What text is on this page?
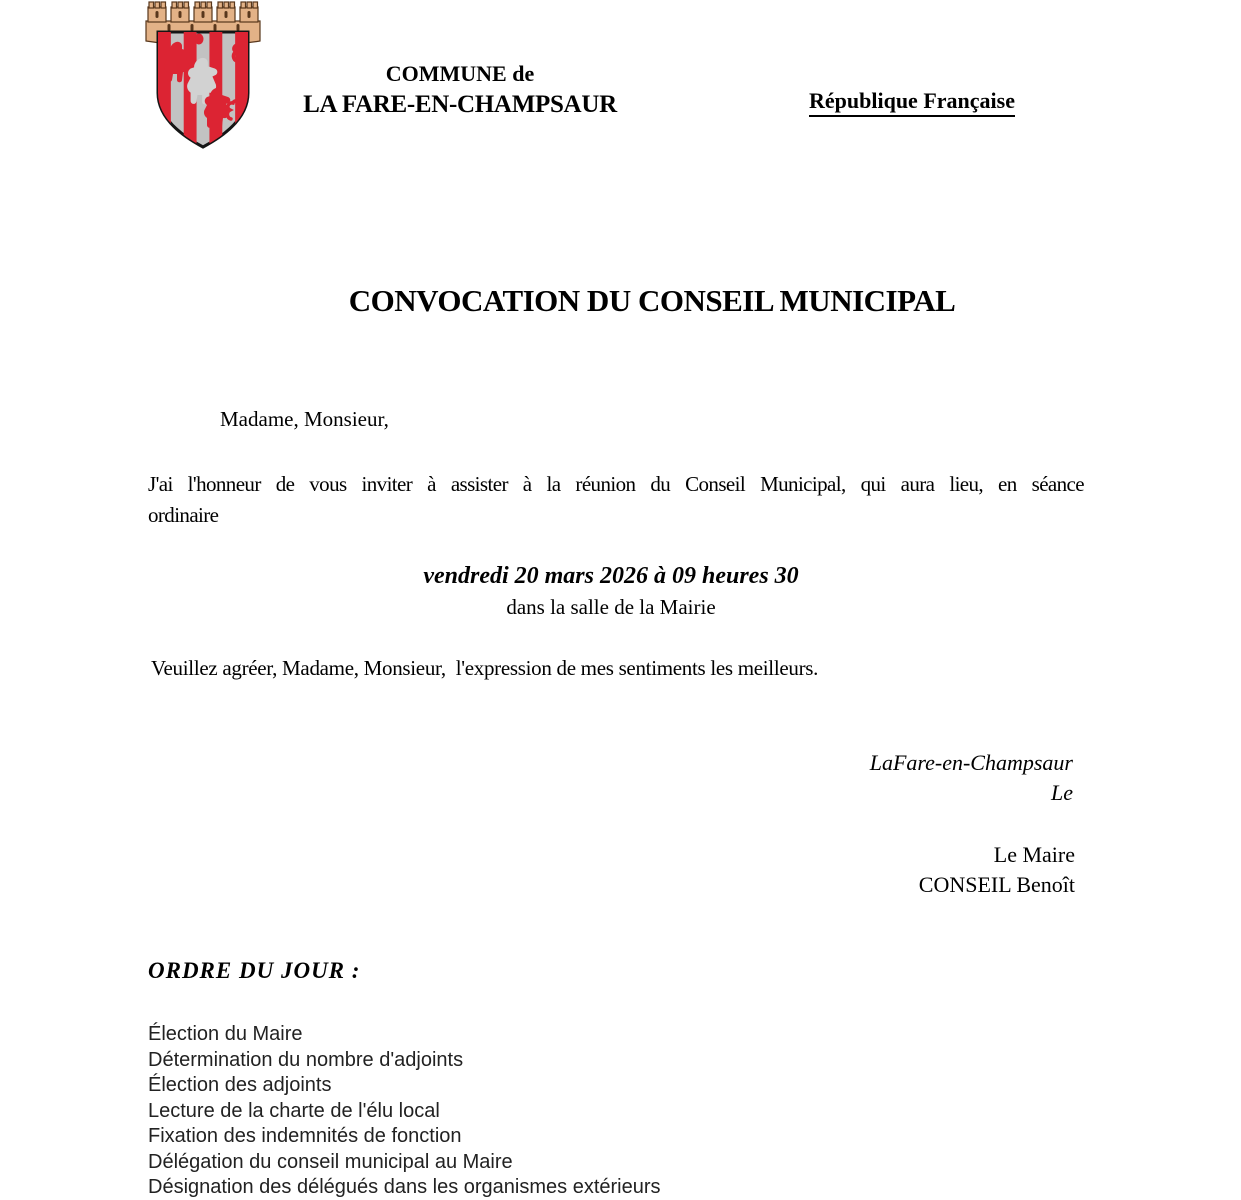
COMMUNE de
LA FARE-EN-CHAMPSAUR	République Française
CONVOCATION DU CONSEIL MUNICIPAL
Madame, Monsieur,
J'ai l'honneur de vous inviter à assister à la réunion du Conseil Municipal, qui aura lieu, en séance
ordinaire
vendredi 20 mars 2026 à 09 heures 30
dans la salle de la Mairie
Veuillez agréer, Madame, Monsieur,  l'expression de mes sentiments les meilleurs.
LaFare-en-Champsaur
Le
Le Maire
CONSEIL Benoît
ORDRE DU JOUR :
Élection du Maire
Détermination du nombre d'adjoints
Élection des adjoints
Lecture de la charte de l'élu local
Fixation des indemnités de fonction
Délégation du conseil municipal au Maire
Désignation des délégués dans les organismes extérieurs
